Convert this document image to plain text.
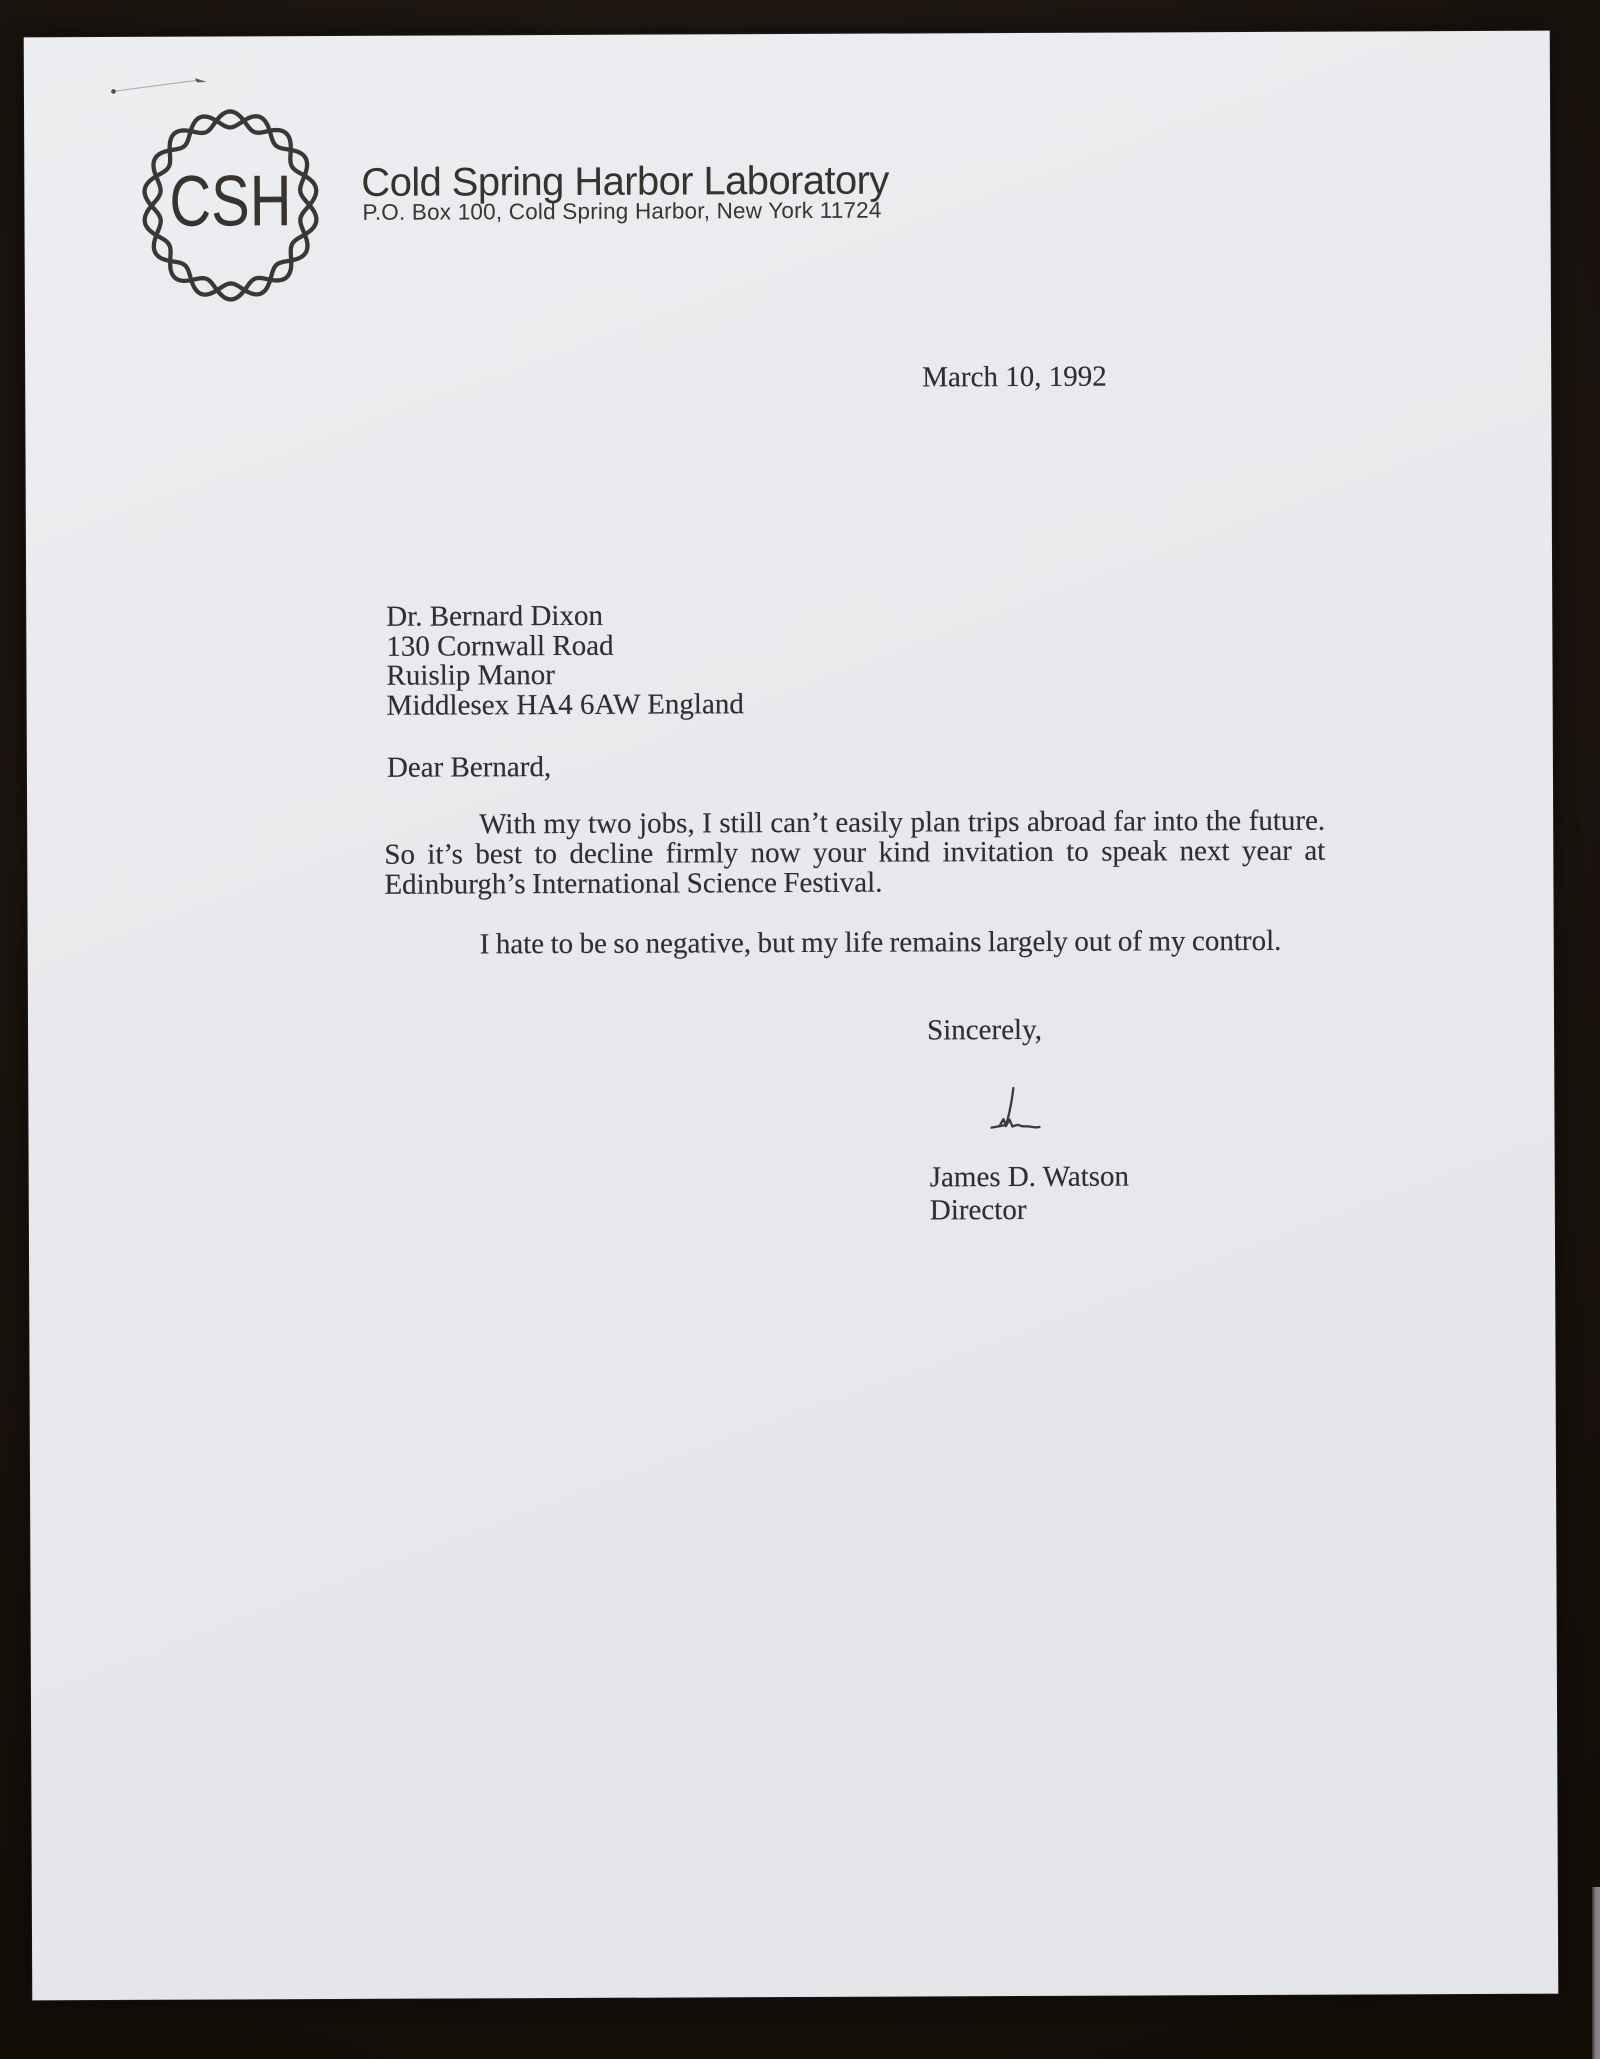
CSH Cold Spring Harbor Laboratory
P.O. Box 100, Cold Spring Harbor, New York 11724
March 10, 1992
Dr. Bernard Dixon
130 Cornwall Road
Ruislip Manor
Middlesex HA4 6AW England
Dear Bernard,

With my two jobs, I still can’t easily plan trips abroad far into the future.  So it’s best to decline firmly now your kind invitation to speak next year at Edinburgh’s International Science Festival.

I hate to be so negative, but my life remains largely out of my control.

Sincerely,
James D. Watson
Director
